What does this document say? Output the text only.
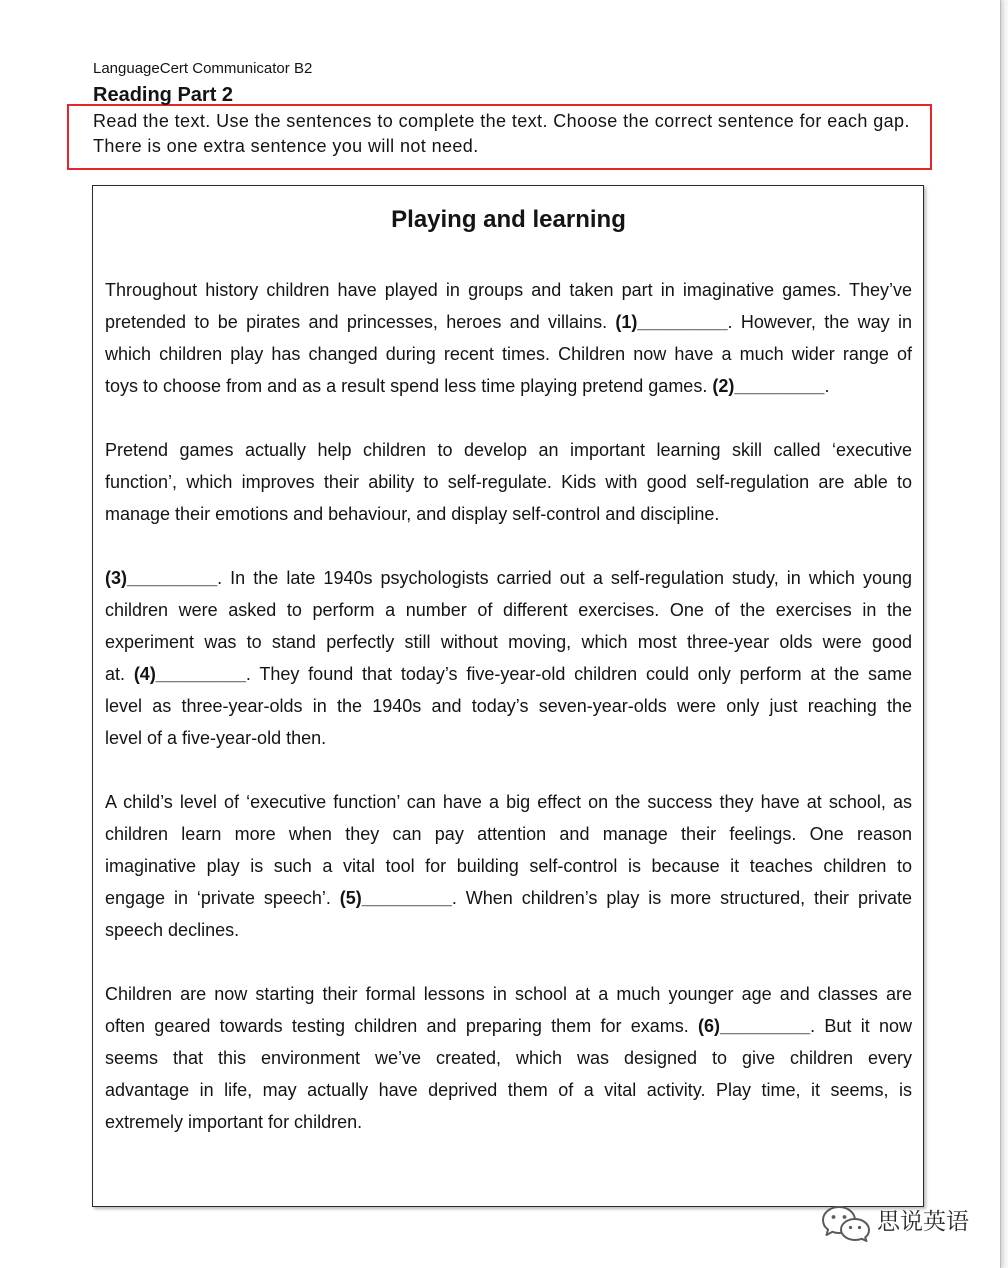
LanguageCert Communicator B2
Reading Part 2
Read the text. Use the sentences to complete the text. Choose the correct sentence for each gap.
There is one extra sentence you will not need.
Playing and learning
Throughout history children have played in groups and taken part in imaginative games. They’ve
pretended to be pirates and princesses, heroes and villains. (1)_________. However, the way in
which children play has changed during recent times. Children now have a much wider range of
toys to choose from and as a result spend less time playing pretend games. (2)_________.
Pretend games actually help children to develop an important learning skill called ‘executive
function’, which improves their ability to self-regulate. Kids with good self-regulation are able to
manage their emotions and behaviour, and display self-control and discipline.
(3)_________. In the late 1940s psychologists carried out a self-regulation study, in which young
children were asked to perform a number of different exercises. One of the exercises in the
experiment was to stand perfectly still without moving, which most three-year olds were good
at. (4)_________. They found that today’s five-year-old children could only perform at the same
level as three-year-olds in the 1940s and today’s seven-year-olds were only just reaching the
level of a five-year-old then.
A child’s level of ‘executive function’ can have a big effect on the success they have at school, as
children learn more when they can pay attention and manage their feelings. One reason
imaginative play is such a vital tool for building self-control is because it teaches children to
engage in ‘private speech’. (5)_________. When children’s play is more structured, their private
speech declines.
Children are now starting their formal lessons in school at a much younger age and classes are
often geared towards testing children and preparing them for exams. (6)_________. But it now
seems that this environment we’ve created, which was designed to give children every
advantage in life, may actually have deprived them of a vital activity. Play time, it seems, is
extremely important for children.
思说英语
